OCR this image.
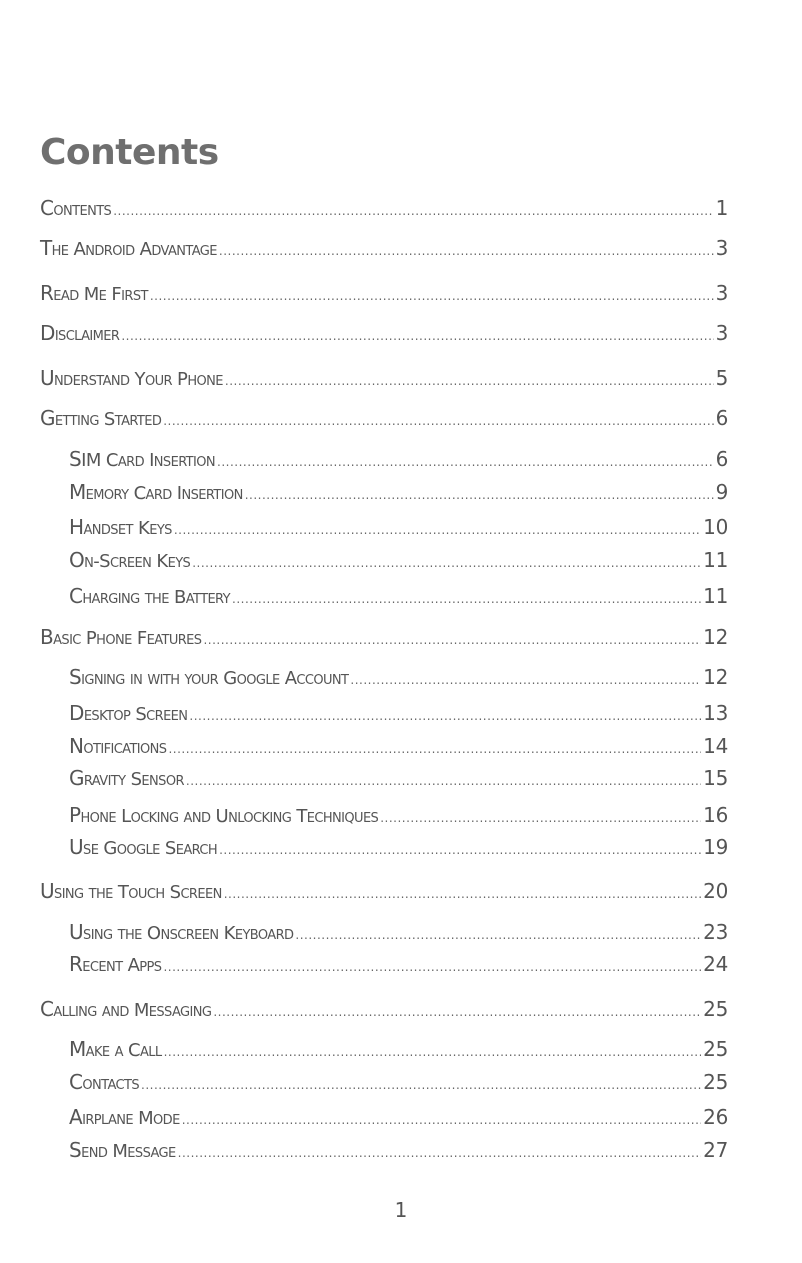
Contents
Contents .....	1
The Android Advantage .....	3
Read Me First .....	3
Disclaimer .....	3
Understand Your Phone .....	5
Getting Started .....	6
SIM Card Insertion .....	6
Memory Card Insertion .....	9
Handset Keys .....	10
On-Screen Keys .....	11
Charging the Battery .....	11
Basic Phone Features .....	12
Signing in with your Google Account .....	12
Desktop Screen .....	13
Notifications .....	14
Gravity Sensor .....	15
Phone Locking and Unlocking Techniques .....	16
Use Google Search .....	19
Using the Touch Screen .....	20
Using the Onscreen Keyboard .....	23
Recent Apps .....	24
Calling and Messaging .....	25
Make a Call .....	25
Contacts .....	25
Airplane Mode .....	26
Send Message .....	27
1
